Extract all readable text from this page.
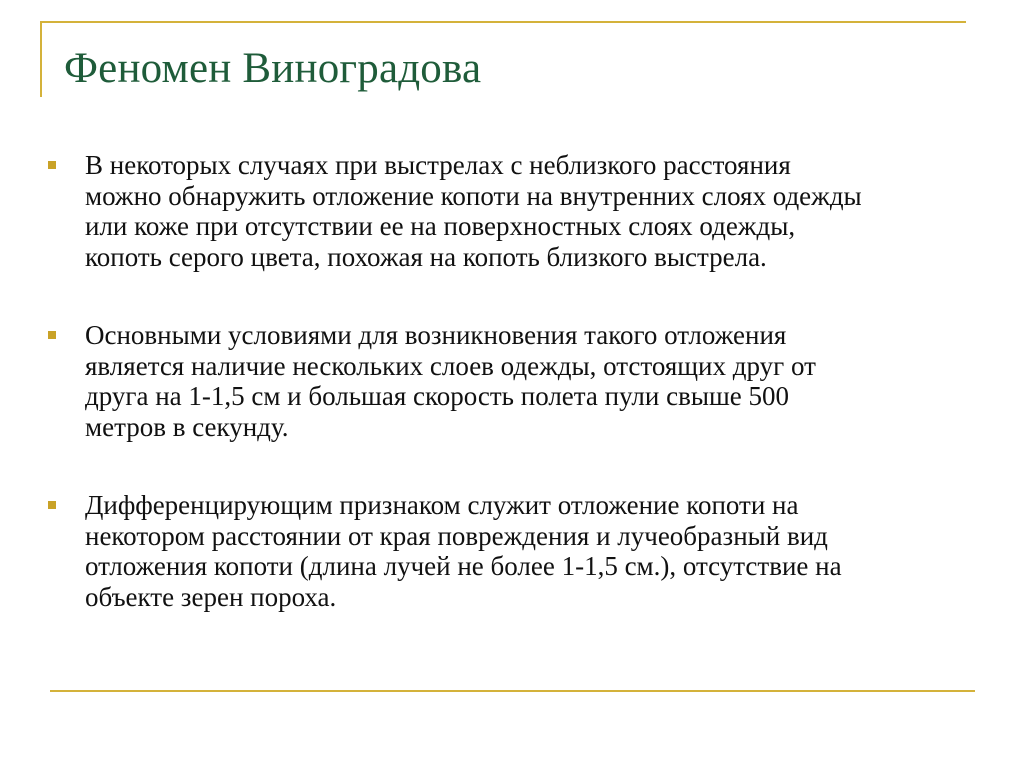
Феномен Виноградова
В некоторых случаях при выстрелах с неблизкого расстояния
можно обнаружить отложение копоти на внутренних слоях одежды
или коже при отсутствии ее на поверхностных слоях одежды,
копоть серого цвета, похожая на копоть близкого выстрела.
Основными условиями для возникновения такого отложения
является наличие нескольких слоев одежды, отстоящих друг от
друга на 1-1,5 см и большая скорость полета пули свыше 500
метров в секунду.
Дифференцирующим признаком служит отложение копоти на
некотором расстоянии от края повреждения и лучеобразный вид
отложения копоти (длина лучей не более 1-1,5 см.), отсутствие на
объекте зерен пороха.
